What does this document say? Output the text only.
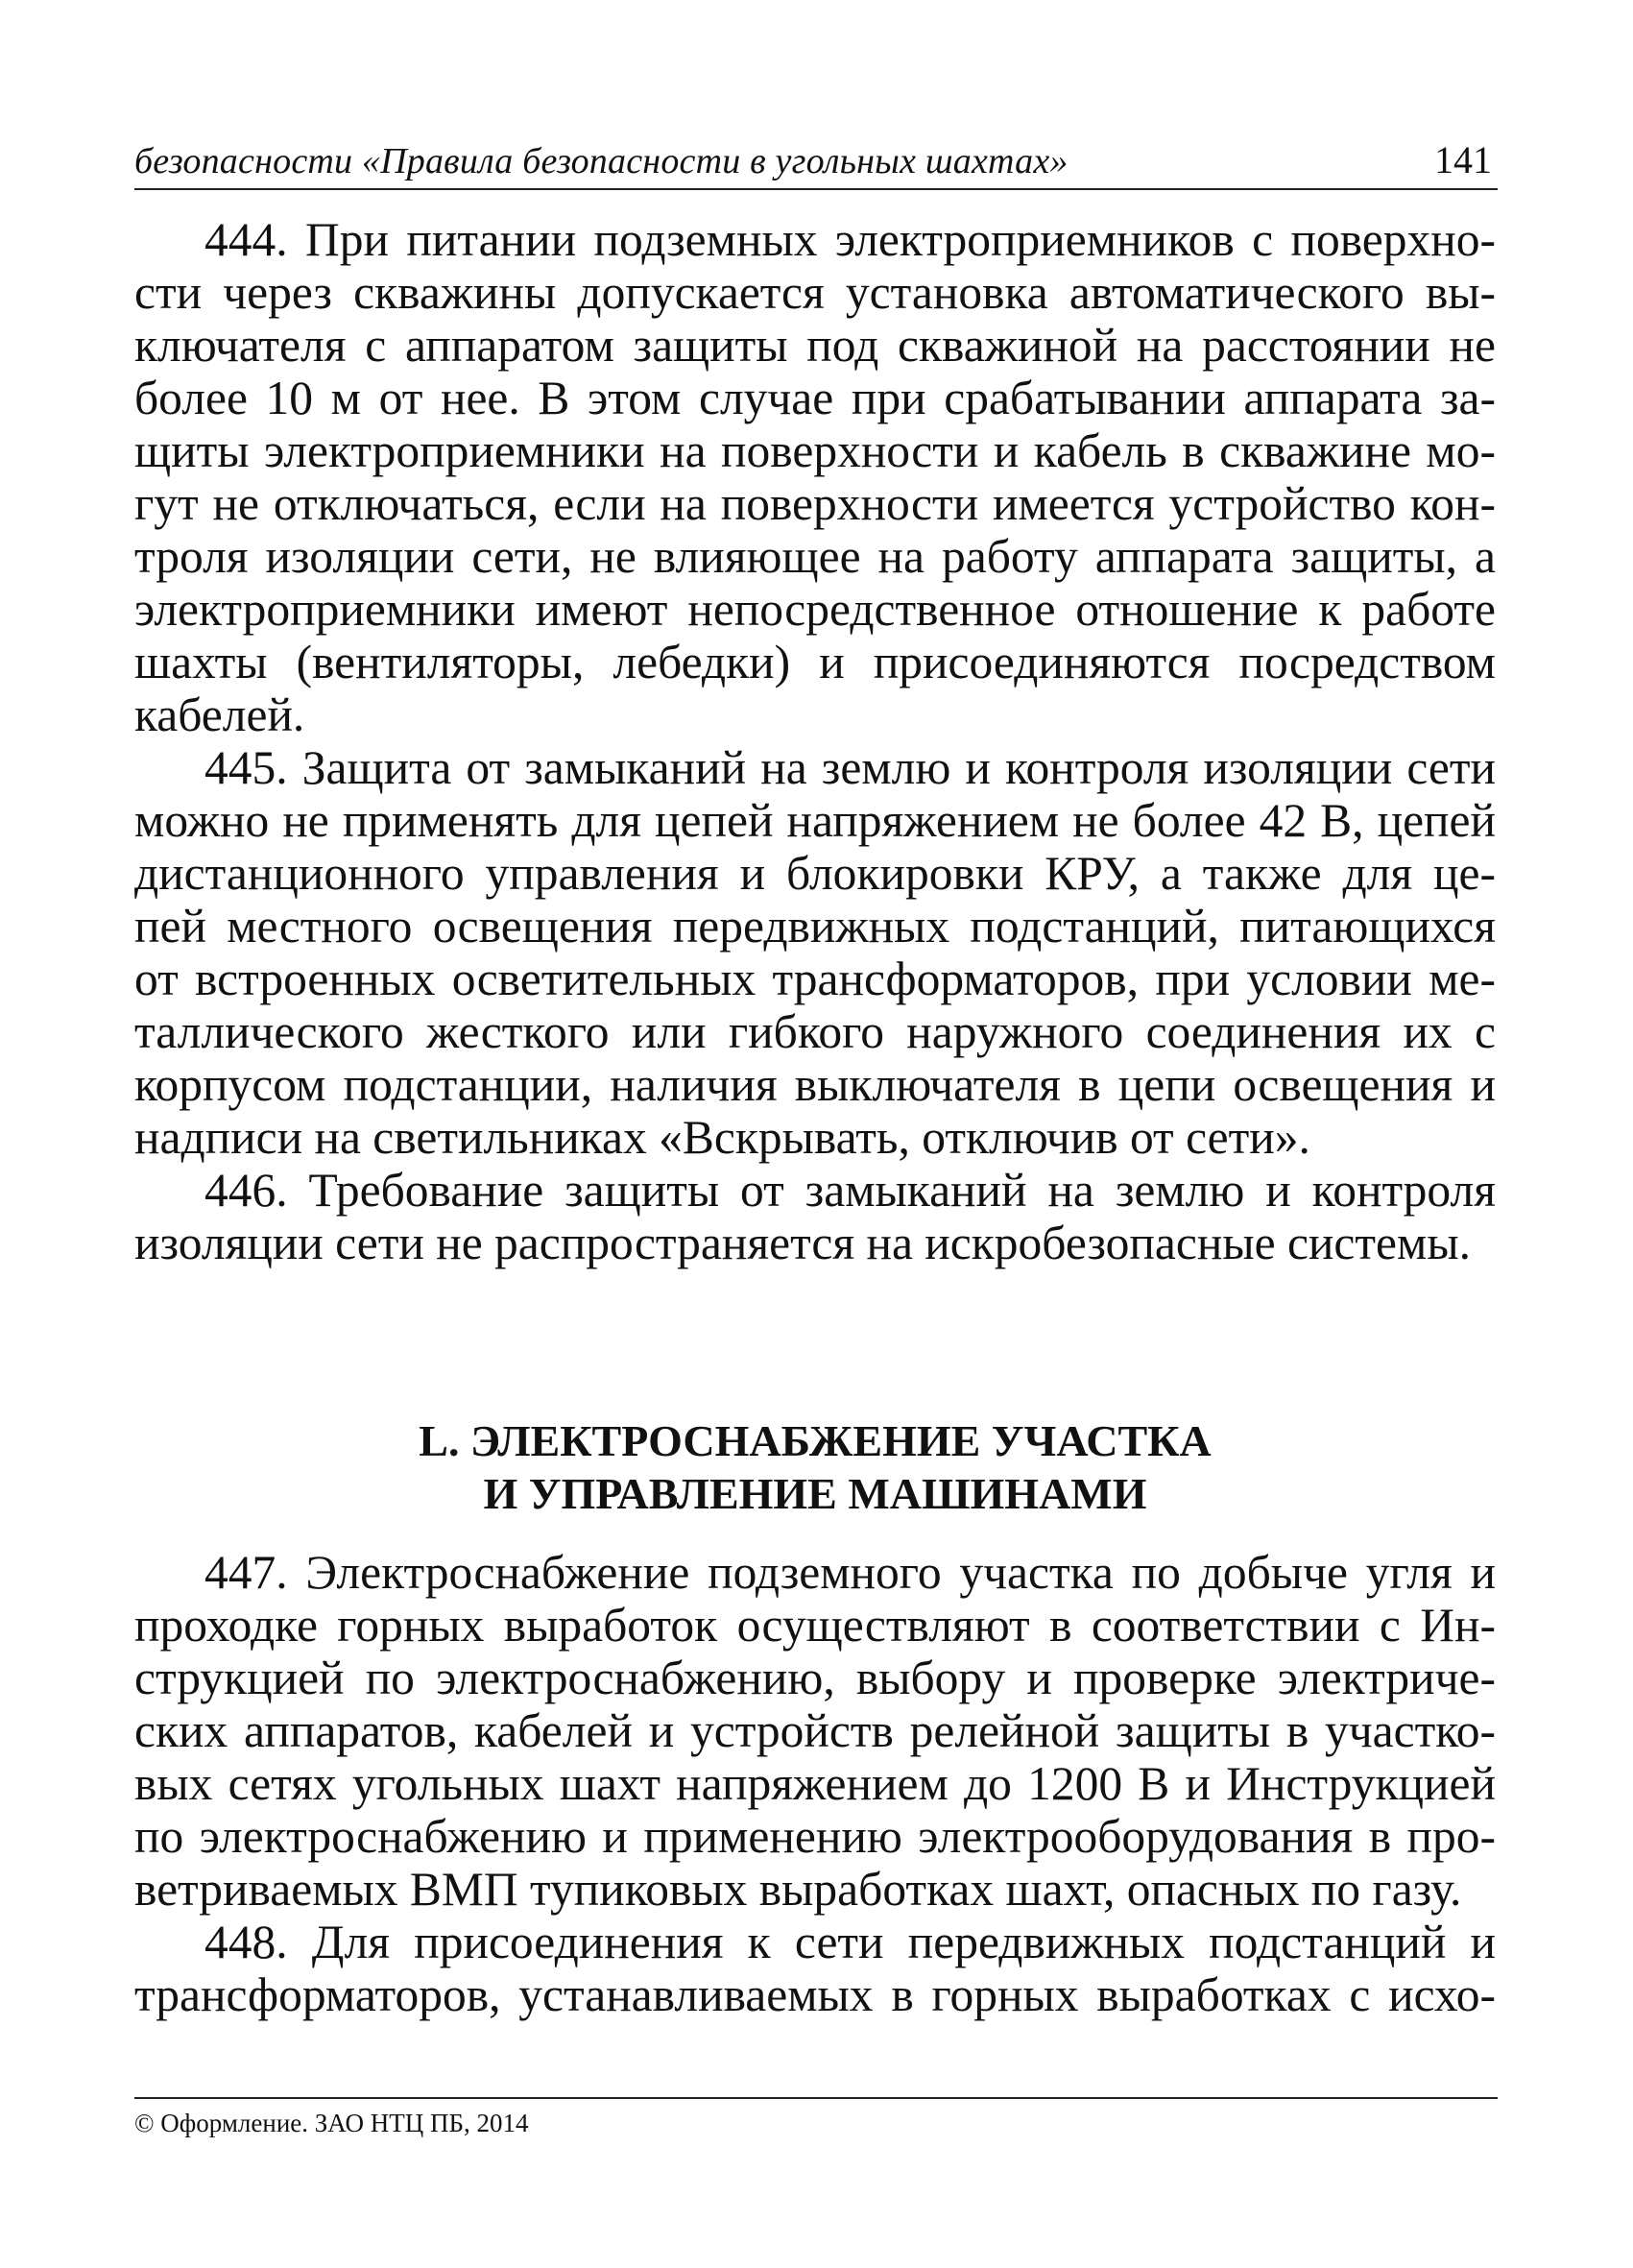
безопасности «Правила безопасности в угольных шахтах»	141
444. При питании подземных электроприемников с поверхно-
сти через скважины допускается установка автоматического вы-
ключателя с аппаратом защиты под скважиной на расстоянии не
более 10 м от нее. В этом случае при срабатывании аппарата за-
щиты электроприемники на поверхности и кабель в скважине мо-
гут не отключаться, если на поверхности имеется устройство кон-
троля изоляции сети, не влияющее на работу аппарата защиты, а
электроприемники имеют непосредственное отношение к работе
шахты (вентиляторы, лебедки) и присоединяются посредством
кабелей.
445. Защита от замыканий на землю и контроля изоляции сети
можно не применять для цепей напряжением не более 42 В, цепей
дистанционного управления и блокировки КРУ, а также для це-
пей местного освещения передвижных подстанций, питающихся
от встроенных осветительных трансформаторов, при условии ме-
таллического жесткого или гибкого наружного соединения их с
корпусом подстанции, наличия выключателя в цепи освещения и
надписи на светильниках «Вскрывать, отключив от сети».
446. Требование защиты от замыканий на землю и контроля
изоляции сети не распространяется на искробезопасные системы.
L. ЭЛЕКТРОСНАБЖЕНИЕ УЧАСТКА
И УПРАВЛЕНИЕ МАШИНАМИ
447. Электроснабжение подземного участка по добыче угля и
проходке горных выработок осуществляют в соответствии с Ин-
струкцией по электроснабжению, выбору и проверке электриче-
ских аппаратов, кабелей и устройств релейной защиты в участко-
вых сетях угольных шахт напряжением до 1200 В и Инструкцией
по электроснабжению и применению электрооборудования в про-
ветриваемых ВМП тупиковых выработках шахт, опасных по газу.
448. Для присоединения к сети передвижных подстанций и
трансформаторов, устанавливаемых в горных выработках с исхо-
© Оформление. ЗАО НТЦ ПБ, 2014
